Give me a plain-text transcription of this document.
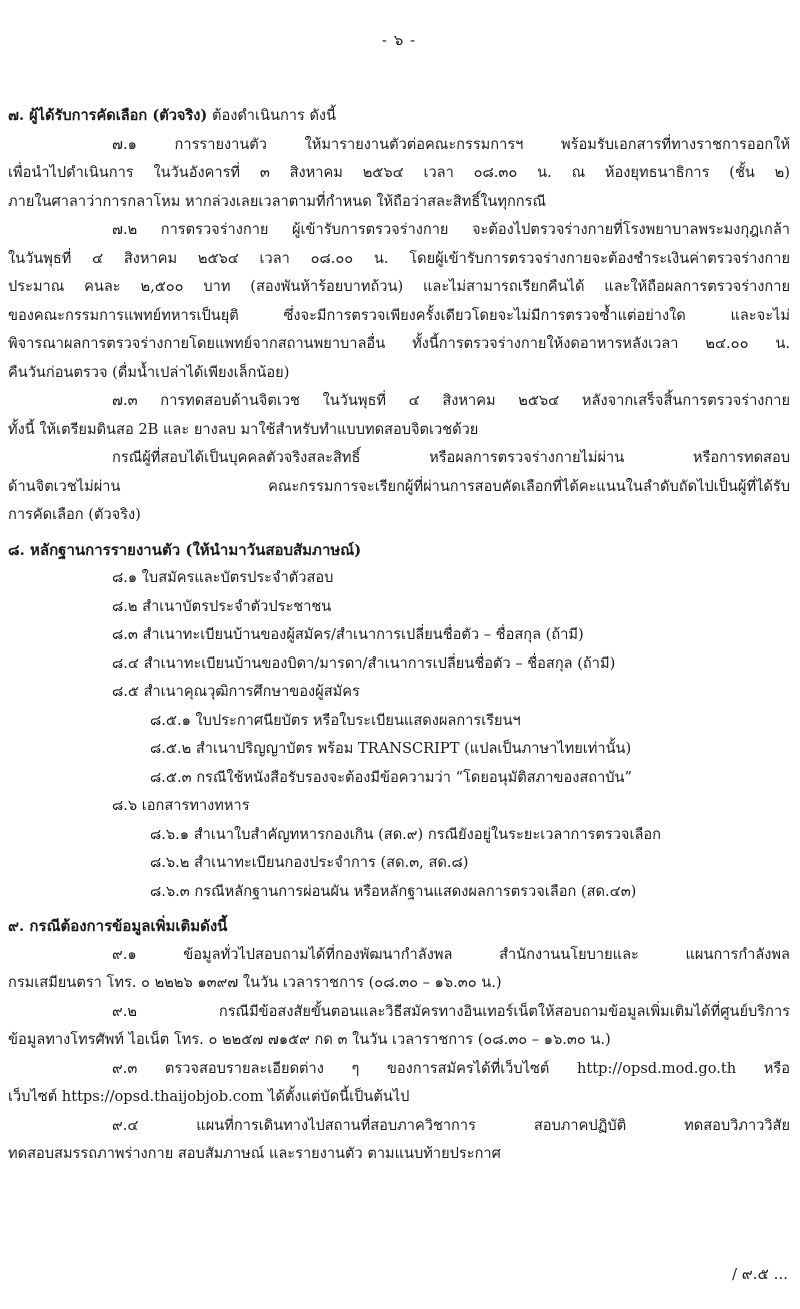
- ๖ -

๗. ผู้ได้รับการคัดเลือก (ตัวจริง) ต้องดำเนินการ ดังนี้

๗.๑ การรายงานตัว ให้มารายงานตัวต่อคณะกรรมการฯ พร้อมรับเอกสารที่ทางราชการออกให้

เพื่อนำไปดำเนินการ ในวันอังคารที่ ๓ สิงหาคม ๒๕๖๔ เวลา ๐๘.๓๐ น. ณ ห้องยุทธนาธิการ (ชั้น ๒)

ภายในศาลาว่าการกลาโหม หากล่วงเลยเวลาตามที่กำหนด ให้ถือว่าสละสิทธิ์ในทุกกรณี

๗.๒ การตรวจร่างกาย ผู้เข้ารับการตรวจร่างกาย จะต้องไปตรวจร่างกายที่โรงพยาบาลพระมงกุฎเกล้า

ในวันพุธที่ ๔ สิงหาคม ๒๕๖๔ เวลา ๐๘.๐๐ น. โดยผู้เข้ารับการตรวจร่างกายจะต้องชำระเงินค่าตรวจร่างกาย

ประมาณ คนละ ๒,๕๐๐ บาท (สองพันห้าร้อยบาทถ้วน) และไม่สามารถเรียกคืนได้ และให้ถือผลการตรวจร่างกาย

ของคณะกรรมการแพทย์ทหารเป็นยุติ ซึ่งจะมีการตรวจเพียงครั้งเดียวโดยจะไม่มีการตรวจซ้ำแต่อย่างใด และจะไม่

พิจารณาผลการตรวจร่างกายโดยแพทย์จากสถานพยาบาลอื่น ทั้งนี้การตรวจร่างกายให้งดอาหารหลังเวลา ๒๔.๐๐ น.

คืนวันก่อนตรวจ (ดื่มน้ำเปล่าได้เพียงเล็กน้อย)

๗.๓ การทดสอบด้านจิตเวช ในวันพุธที่ ๔ สิงหาคม ๒๕๖๔ หลังจากเสร็จสิ้นการตรวจร่างกาย

ทั้งนี้ ให้เตรียมดินสอ 2B และ ยางลบ มาใช้สำหรับทำแบบทดสอบจิตเวชด้วย

กรณีผู้ที่สอบได้เป็นบุคคลตัวจริงสละสิทธิ์ หรือผลการตรวจร่างกายไม่ผ่าน หรือการทดสอบ

ด้านจิตเวชไม่ผ่าน คณะกรรมการจะเรียกผู้ที่ผ่านการสอบคัดเลือกที่ได้คะแนนในลำดับถัดไปเป็นผู้ที่ได้รับ

การคัดเลือก (ตัวจริง)

๘. หลักฐานการรายงานตัว (ให้นำมาวันสอบสัมภาษณ์)

๘.๑ ใบสมัครและบัตรประจำตัวสอบ

๘.๒ สำเนาบัตรประจำตัวประชาชน

๘.๓ สำเนาทะเบียนบ้านของผู้สมัคร/สำเนาการเปลี่ยนชื่อตัว – ชื่อสกุล (ถ้ามี)

๘.๔ สำเนาทะเบียนบ้านของบิดา/มารดา/สำเนาการเปลี่ยนชื่อตัว – ชื่อสกุล (ถ้ามี)

๘.๕ สำเนาคุณวุฒิการศึกษาของผู้สมัคร

๘.๕.๑ ใบประกาศนียบัตร หรือใบระเบียนแสดงผลการเรียนฯ

๘.๕.๒ สำเนาปริญญาบัตร พร้อม TRANSCRIPT (แปลเป็นภาษาไทยเท่านั้น)

๘.๕.๓ กรณีใช้หนังสือรับรองจะต้องมีข้อความว่า “โดยอนุมัติสภาของสถาบัน”

๘.๖ เอกสารทางทหาร

๘.๖.๑ สำเนาใบสำคัญทหารกองเกิน (สด.๙) กรณียังอยู่ในระยะเวลาการตรวจเลือก

๘.๖.๒ สำเนาทะเบียนกองประจำการ (สด.๓, สด.๘)

๘.๖.๓ กรณีหลักฐานการผ่อนผัน หรือหลักฐานแสดงผลการตรวจเลือก (สด.๔๓)

๙. กรณีต้องการข้อมูลเพิ่มเติมดังนี้

๙.๑ ข้อมูลทั่วไปสอบถามได้ที่กองพัฒนากำลังพล สำนักงานนโยบายและ แผนการกำลังพล

กรมเสมียนตรา โทร. ๐ ๒๒๒๖ ๑๓๙๗ ในวัน เวลาราชการ (๐๘.๓๐ – ๑๖.๓๐ น.)

๙.๒ กรณีมีข้อสงสัยขั้นตอนและวิธีสมัครทางอินเทอร์เน็ตให้สอบถามข้อมูลเพิ่มเติมได้ที่ศูนย์บริการ

ข้อมูลทางโทรศัพท์ ไอเน็ต โทร. ๐ ๒๒๕๗ ๗๑๕๙ กด ๓ ในวัน เวลาราชการ (๐๘.๓๐ – ๑๖.๓๐ น.)

๙.๓ ตรวจสอบรายละเอียดต่าง ๆ ของการสมัครได้ที่เว็บไซต์ http://opsd.mod.go.th หรือ

เว็บไซต์ https://opsd.thaijobjob.com ได้ตั้งแต่บัดนี้เป็นต้นไป

๙.๔ แผนที่การเดินทางไปสถานที่สอบภาควิชาการ สอบภาคปฏิบัติ ทดสอบวิภาววิสัย

ทดสอบสมรรถภาพร่างกาย สอบสัมภาษณ์ และรายงานตัว ตามแนบท้ายประกาศ

/ ๙.๕ ...
